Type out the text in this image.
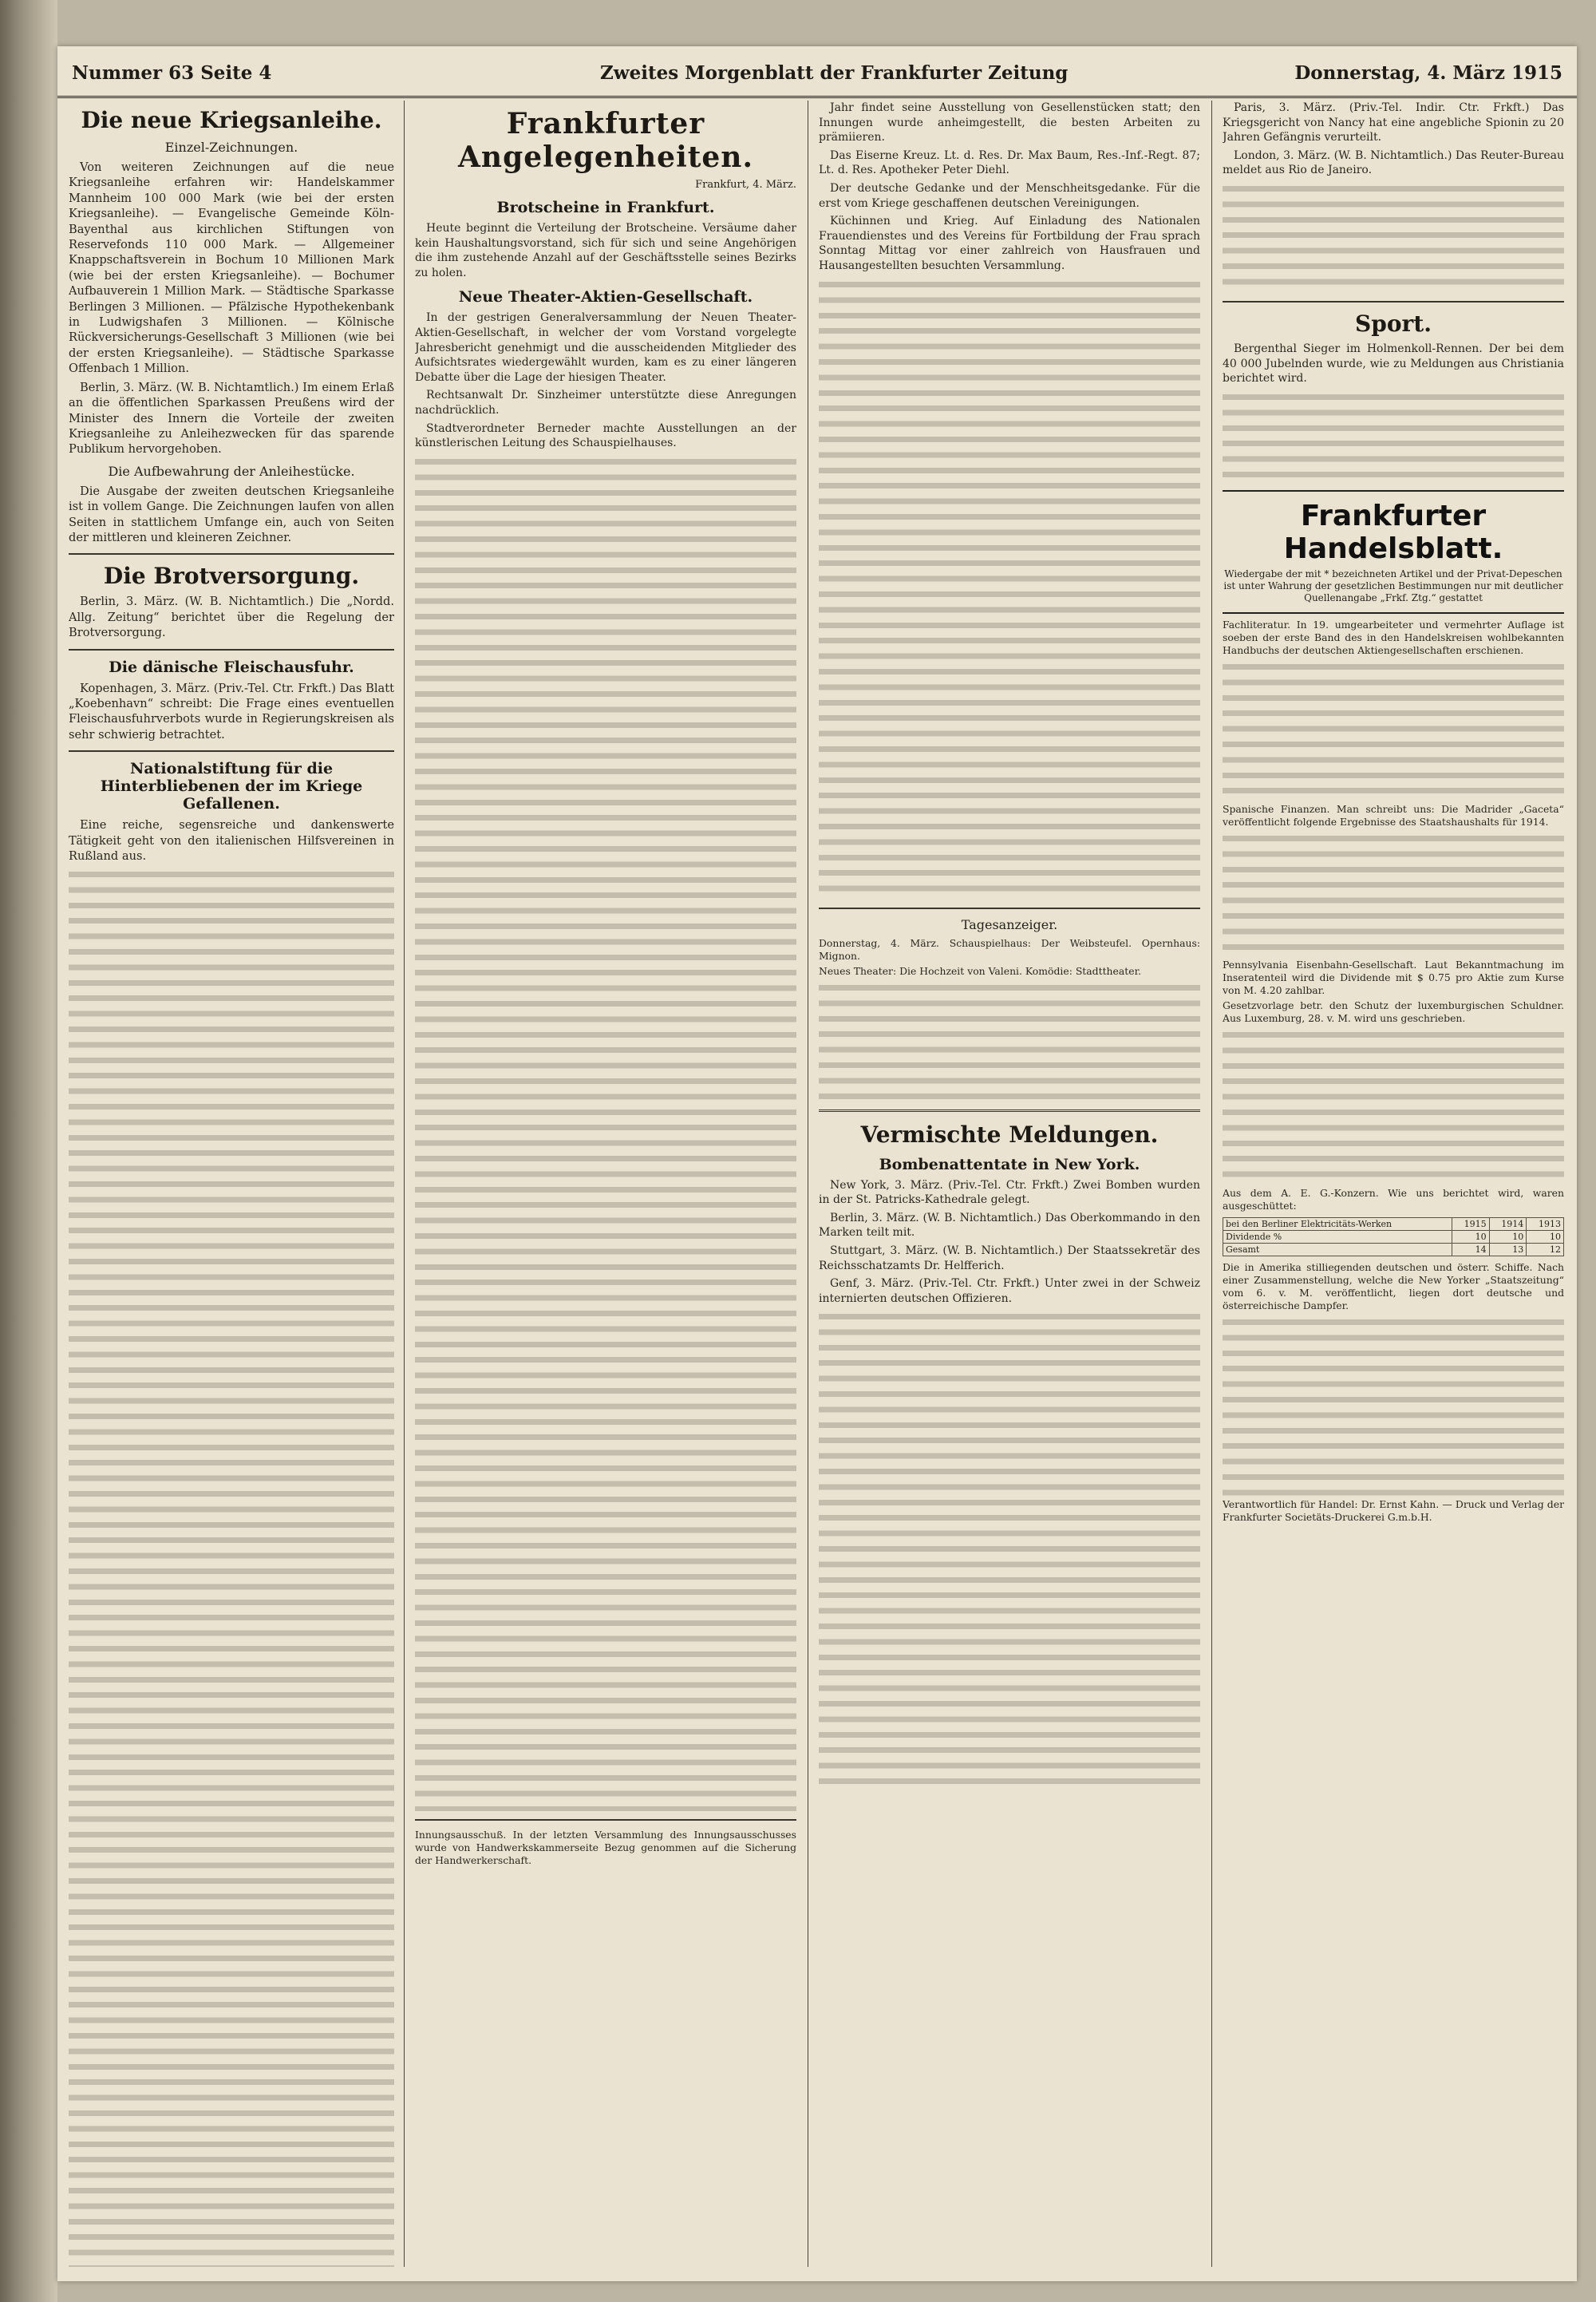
Nummer 63 Seite 4	Zweites Morgenblatt der Frankfurter Zeitung	Donnerstag, 4. März 1915
Die neue Kriegsanleihe.
Einzel-Zeichnungen.

Von weiteren Zeichnungen auf die neue Kriegsanleihe erfahren wir: Handelskammer Mannheim 100 000 Mark (wie bei der ersten Kriegsanleihe). — Evangelische Gemeinde Köln-Bayenthal aus kirchlichen Stiftungen von Reservefonds 110 000 Mark. — Allgemeiner Knappschaftsverein in Bochum 10 Millionen Mark (wie bei der ersten Kriegsanleihe). — Bochumer Aufbauverein 1 Million Mark. — Städtische Sparkasse Berlingen 3 Millionen. — Pfälzische Hypothekenbank in Ludwigshafen 3 Millionen. — Kölnische Rückversicherungs-Gesellschaft 3 Millionen (wie bei der ersten Kriegsanleihe). — Städtische Sparkasse Offenbach 1 Million.

Berlin, 3. März. (W. B. Nichtamtlich.) Im einem Erlaß an die öffentlichen Sparkassen Preußens wird der Minister des Innern die Vorteile der zweiten Kriegsanleihe zu Anleihezwecken für das sparende Publikum hervorgehoben.

Die Aufbewahrung der Anleihestücke.

Die Ausgabe der zweiten deutschen Kriegsanleihe ist in vollem Gange. Die Zeichnungen laufen von allen Seiten in stattlichem Umfange ein, auch von Seiten der mittleren und kleineren Zeichner.

Die Brotversorgung.

Berlin, 3. März. (W. B. Nichtamtlich.) Die „Nordd. Allg. Zeitung“ berichtet über die Regelung der Brotversorgung.

Die dänische Fleischausfuhr.

Kopenhagen, 3. März. (Priv.-Tel. Ctr. Frkft.) Das Blatt „Koebenhavn“ schreibt: Die Frage eines eventuellen Fleischausfuhrverbots wurde in Regierungskreisen als sehr schwierig betrachtet.

Nationalstiftung für die Hinterbliebenen der im Kriege Gefallenen.

Eine reiche, segensreiche und dankenswerte Tätigkeit geht von den italienischen Hilfsvereinen in Rußland aus.

Frankfurter Angelegenheiten.

Frankfurt, 4. März.

Brotscheine in Frankfurt.

Heute beginnt die Verteilung der Brotscheine. Versäume daher kein Haushaltungsvorstand, sich für sich und seine Angehörigen die ihm zustehende Anzahl auf der Geschäftsstelle seines Bezirks zu holen.

Neue Theater-Aktien-Gesellschaft.

In der gestrigen Generalversammlung der Neuen Theater-Aktien-Gesellschaft, in welcher der vom Vorstand vorgelegte Jahresbericht genehmigt und die ausscheidenden Mitglieder des Aufsichtsrates wiedergewählt wurden, kam es zu einer längeren Debatte über die Lage der hiesigen Theater.

Rechtsanwalt Dr. Sinzheimer unterstützte diese Anregungen nachdrücklich.

Stadtverordneter Berneder machte Ausstellungen an der künstlerischen Leitung des Schauspielhauses.

Innungsausschuß. In der letzten Versammlung des Innungsausschusses wurde von Handwerkskammerseite Bezug genommen auf die Sicherung der Handwerkerschaft.

Jahr findet seine Ausstellung von Gesellenstücken statt; den Innungen wurde anheimgestellt, die besten Arbeiten zu prämiieren.

Das Eiserne Kreuz. Lt. d. Res. Dr. Max Baum, Res.-Inf.-Regt. 87; Lt. d. Res. Apotheker Peter Diehl.

Der deutsche Gedanke und der Menschheitsgedanke. Für die erst vom Kriege geschaffenen deutschen Vereinigungen.

Küchinnen und Krieg. Auf Einladung des Nationalen Frauendienstes und des Vereins für Fortbildung der Frau sprach Sonntag Mittag vor einer zahlreich von Hausfrauen und Hausangestellten besuchten Versammlung.

Tagesanzeiger.

Donnerstag, 4. März. Schauspielhaus: Der Weibsteufel. Opernhaus: Mignon.

Neues Theater: Die Hochzeit von Valeni. Komödie: Stadttheater.

Vermischte Meldungen.
Bombenattentate in New York.

New York, 3. März. (Priv.-Tel. Ctr. Frkft.) Zwei Bomben wurden in der St. Patricks-Kathedrale gelegt.

Berlin, 3. März. (W. B. Nichtamtlich.) Das Oberkommando in den Marken teilt mit.

Stuttgart, 3. März. (W. B. Nichtamtlich.) Der Staatssekretär des Reichsschatzamts Dr. Helfferich.

Genf, 3. März. (Priv.-Tel. Ctr. Frkft.) Unter zwei in der Schweiz internierten deutschen Offizieren.

Paris, 3. März. (Priv.-Tel. Indir. Ctr. Frkft.) Das Kriegsgericht von Nancy hat eine angebliche Spionin zu 20 Jahren Gefängnis verurteilt.

London, 3. März. (W. B. Nichtamtlich.) Das Reuter-Bureau meldet aus Rio de Janeiro.

Sport.

Bergenthal Sieger im Holmenkoll-Rennen. Der bei dem 40 000 Jubelnden wurde, wie zu Meldungen aus Christiania berichtet wird.

Frankfurter Handelsblatt.

Wiedergabe der mit * bezeichneten Artikel und der Privat-Depeschen ist unter Wahrung der gesetzlichen Bestimmungen nur mit deutlicher Quellenangabe „Frkf. Ztg.“ gestattet

Fachliteratur. In 19. umgearbeiteter und vermehrter Auflage ist soeben der erste Band des in den Handelskreisen wohlbekannten Handbuchs der deutschen Aktiengesellschaften erschienen.

Spanische Finanzen. Man schreibt uns: Die Madrider „Gaceta“ veröffentlicht folgende Ergebnisse des Staatshaushalts für 1914.

Pennsylvania Eisenbahn-Gesellschaft. Laut Bekanntmachung im Inseratenteil wird die Dividende mit $ 0.75 pro Aktie zum Kurse von M. 4.20 zahlbar.

Gesetzvorlage betr. den Schutz der luxemburgischen Schuldner. Aus Luxemburg, 28. v. M. wird uns geschrieben.

Aus dem A. E. G.-Konzern. Wie uns berichtet wird, waren ausgeschüttet:

bei den Berliner Elektricitäts-Werken	1915	1914	1913
Dividende %	10	10	10
Gesamt	14	13	12

Die in Amerika stilliegenden deutschen und österr. Schiffe. Nach einer Zusammenstellung, welche die New Yorker „Staatszeitung“ vom 6. v. M. veröffentlicht, liegen dort deutsche und österreichische Dampfer.

Verantwortlich für Handel: Dr. Ernst Kahn. — Druck und Verlag der Frankfurter Societäts-Druckerei G.m.b.H.
